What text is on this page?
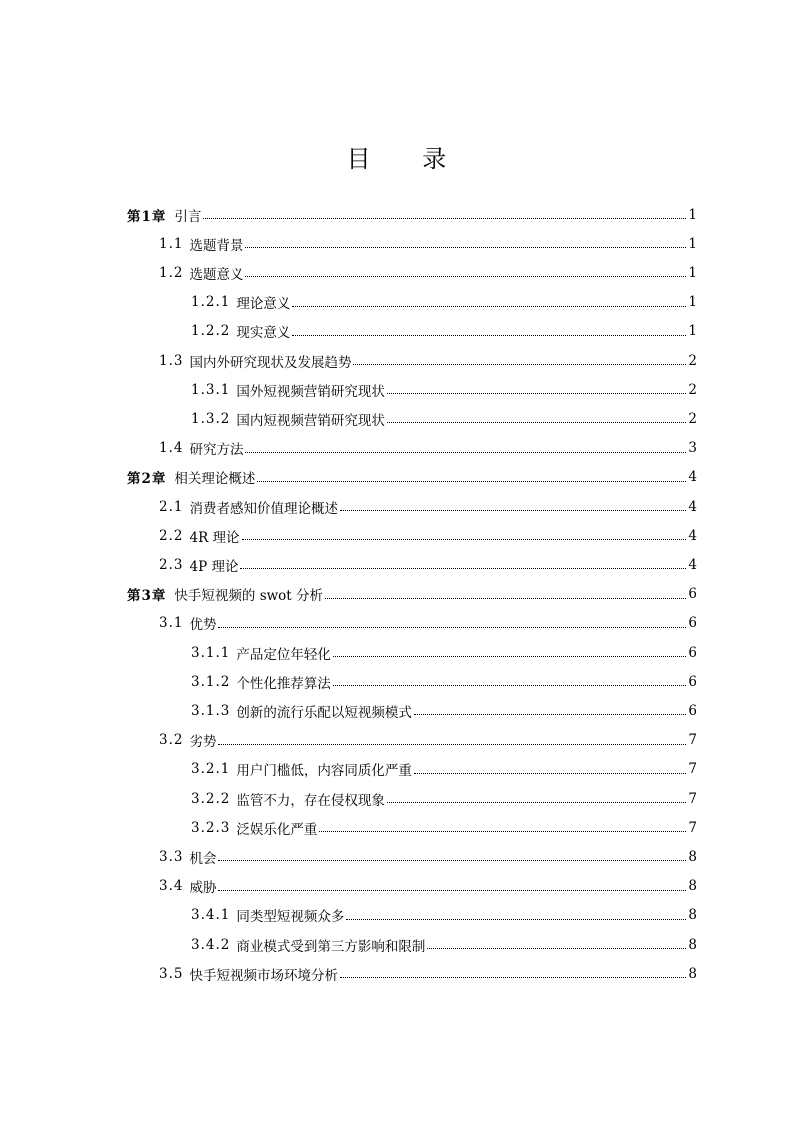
目 录
第1章 引言	1
1.1 选题背景	1
1.2 选题意义	1
1.2.1 理论意义	1
1.2.2 现实意义	1
1.3 国内外研究现状及发展趋势	2
1.3.1 国外短视频营销研究现状	2
1.3.2 国内短视频营销研究现状	2
1.4 研究方法	3
第2章 相关理论概述	4
2.1 消费者感知价值理论概述	4
2.2 4R 理论	4
2.3 4P 理论	4
第3章 快手短视频的 swot 分析	6
3.1 优势	6
3.1.1 产品定位年轻化	6
3.1.2 个性化推荐算法	6
3.1.3 创新的流行乐配以短视频模式	6
3.2 劣势	7
3.2.1 用户门槛低，内容同质化严重	7
3.2.2 监管不力，存在侵权现象	7
3.2.3 泛娱乐化严重	7
3.3 机会	8
3.4 威胁	8
3.4.1 同类型短视频众多	8
3.4.2 商业模式受到第三方影响和限制	8
3.5 快手短视频市场环境分析	8
